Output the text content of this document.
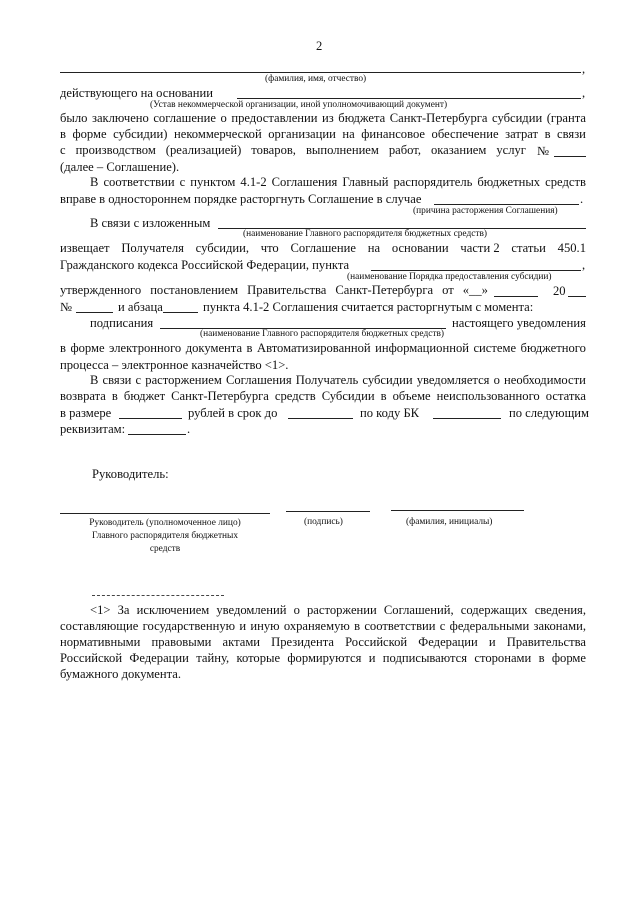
2
,
(фамилия, имя, отчество)
действующего на основании	,
(Устав некоммерческой организации, иной уполномочивающий документ)
было заключено соглашение о предоставлении из бюджета Санкт-Петербурга субсидии (гранта
в форме субсидии) некоммерческой организации на финансовое обеспечение затрат в связи
с производством (реализацией) товаров, выполнением работ, оказанием услуг №
(далее – Соглашение).
В соответствии с пунктом 4.1-2 Соглашения Главный распорядитель бюджетных средств
вправе в одностороннем порядке расторгнуть Соглашение в случае	.
(причина расторжения Соглашения)
В связи с изложенным
(наименование Главного распорядителя бюджетных средств)
извещает Получателя субсидии, что Соглашение на основании части 2 статьи 450.1
Гражданского кодекса Российской Федерации, пункта	,
(наименование Порядка предоставления субсидии)
утвержденного постановлением Правительства Санкт-Петербурга от «__»	20
№	и абзаца	пункта 4.1-2 Соглашения считается расторгнутым с момента:
подписания	настоящего уведомления
(наименование Главного распорядителя бюджетных средств)
в форме электронного документа в Автоматизированной информационной системе бюджетного
процесса – электронное казначейство <1>.
В связи с расторжением Соглашения Получатель субсидии уведомляется о необходимости
возврата в бюджет Санкт-Петербурга средств Субсидии в объеме неиспользованного остатка
в размере	рублей в срок до	по коду БК	по следующим
реквизитам:	.
Руководитель:
Руководитель (уполномоченное лицо)
Главного распорядителя бюджетных
средств
(подпись)	(фамилия, инициалы)
<1> За исключением уведомлений о расторжении Соглашений, содержащих сведения, составляющие государственную и иную охраняемую в соответствии с федеральными законами, нормативными правовыми актами Президента Российской Федерации и Правительства Российской Федерации тайну, которые формируются и подписываются сторонами в форме бумажного документа.
